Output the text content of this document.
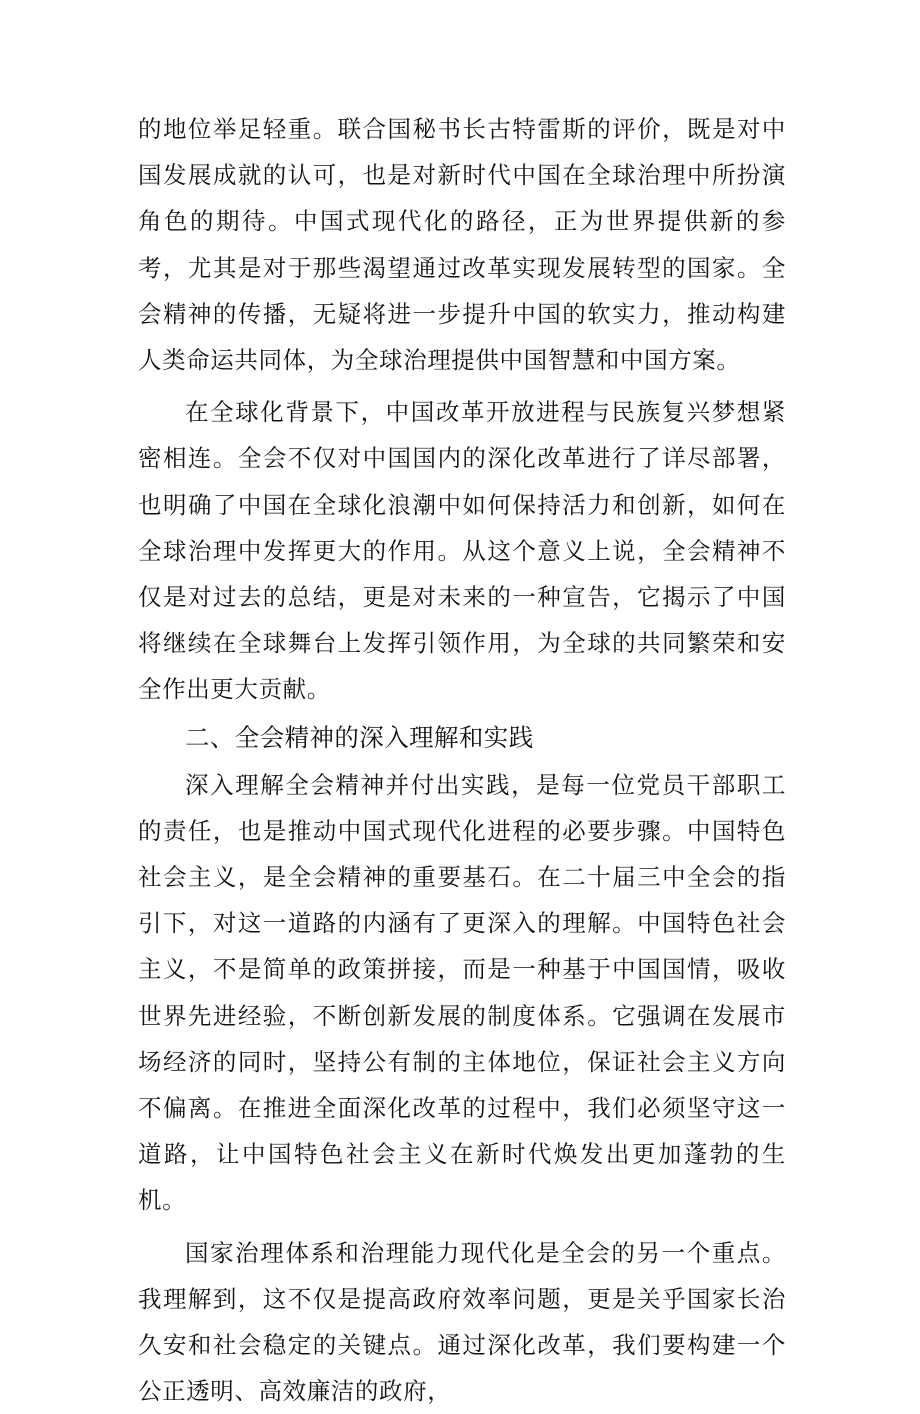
的地位举足轻重。联合国秘书长古特雷斯的评价，既是对中国发展成就的认可，也是对新时代中国在全球治理中所扮演角色的期待。中国式现代化的路径，正为世界提供新的参考，尤其是对于那些渴望通过改革实现发展转型的国家。全会精神的传播，无疑将进一步提升中国的软实力，推动构建人类命运共同体，为全球治理提供中国智慧和中国方案。

在全球化背景下，中国改革开放进程与民族复兴梦想紧密相连。全会不仅对中国国内的深化改革进行了详尽部署，也明确了中国在全球化浪潮中如何保持活力和创新，如何在全球治理中发挥更大的作用。从这个意义上说，全会精神不仅是对过去的总结，更是对未来的一种宣告，它揭示了中国将继续在全球舞台上发挥引领作用，为全球的共同繁荣和安全作出更大贡献。

二、全会精神的深入理解和实践

深入理解全会精神并付出实践，是每一位党员干部职工的责任，也是推动中国式现代化进程的必要步骤。中国特色社会主义，是全会精神的重要基石。在二十届三中全会的指引下，对这一道路的内涵有了更深入的理解。中国特色社会主义，不是简单的政策拼接，而是一种基于中国国情，吸收世界先进经验，不断创新发展的制度体系。它强调在发展市场经济的同时，坚持公有制的主体地位，保证社会主义方向不偏离。在推进全面深化改革的过程中，我们必须坚守这一道路，让中国特色社会主义在新时代焕发出更加蓬勃的生机。

国家治理体系和治理能力现代化是全会的另一个重点。我理解到，这不仅是提高政府效率问题，更是关乎国家长治久安和社会稳定的关键点。通过深化改革，我们要构建一个公正透明、高效廉洁的政府，
